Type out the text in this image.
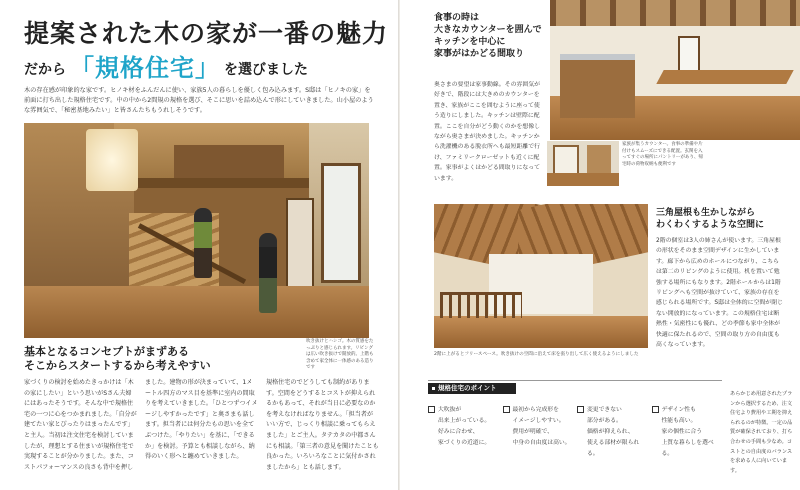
提案された木の家が一番の魅力
だから 「規格住宅」 を選びました

木の存在感が印象的な家です。ヒノキ材をふんだんに使い、家族5人の暮らしを優しく包み込みます。S邸は「ヒノキの家」を前面に打ち出した規格住宅です。中の中から2間規の規格を選び、そこに思いを詰め込んで形にしていきました。山小屋のような雰囲気で、「秘密基地みたい」と皆さんたちもうれしそうです。

吹き抜けとハシゴ。木の質感をたっぷりと感じられます。リビングは広い吹き抜けで開放的。上階も含めて家全体に一体感のある造りです

基本となるコンセプトがまずある
そこからスタートするから考えやすい

家づくりの検討を始めたきっかけは「木の家にしたい」という思いがSさん夫婦にはあったそうです。そんな中で規格住宅の一つに心をつかまれました。「自分が建てたい家とぴったりはまったんです」と主人。当初は注文住宅を検討していましたが、理想とする住まいが規格住宅で実現することが分かりました。また、コストパフォーマンスの良さも背中を押し

ました。建物の形が決まっていて、1メートル四方のマス目を基準に室内の間取りを考えていきました。「ひとつずつイメージしやすかったです」と奥さまも話します。担当者には何分たもの思いを全てぶつけた。「やりたい」を基に、「できるか」を検討。予算とも相談しながら、納得のいく形へと纏めていきました。

規格住宅のでどうしても制約があります。空間をどうするとコストが抑えられるかもあって、それが当日に必要なのかを考えなければなりません。「担当者がいい方で、じっくり相談に乗ってもらえました」とご主人。タテカタの中都さんにも相談。「第三者の意見を聞けたことも良かった。いろいろなことに気付かされましたから」とも話します。

食事の時は
大きなカウンターを囲んで
キッチンを中心に
家事がはかどる間取り

奥さまの要望は家事動線。その雰囲気が好きで、階段には大きめのカウンターを置き、家族がここを囲むように座って使う造りにしました。キッチンは壁際に配置。ここを自分がどう動くのかを想像しながら奥さまが決めました。キッチンから洗濯機のある脱衣所へも最短距離で行け、ファミリークローゼットも近くに配置。家事がよくはかどる間取りになっています。

家族が集うカウンター。食事の準備や片付けもスムーズにできる配置。玄関を入ってすぐの場所にパントリーがあり、帰宅時の荷物収納も便利です

2階に上がるとフリースペース。吹き抜けの空間に沿えて床を張り出して広く使えるようにしました

三角屋根も生かしながら
わくわくするような空間に

2階の個室は3人の姉さんが使います。三角屋根の形状をそのまま空間デザインに生かしています。廊下から広めのホールにつながり、こちらは第二のリビングのように使用。机を置いて勉強する場所にもなります。2階ホールからは1階リビングへも空間が抜けていて、家族の存在を感じられる場所です。S邸は全体的に空間が閉じない開放的になっています。この規格住宅は断熱性・気密性にも優れ、どの季節も家中全体が快適に保たれるので、空間の取り方の自由度も高くなっています。

規格住宅のポイント
大吹抜が
出来上がっている。
好みに合わせ、
家づくりの近道に。
最初から完成形を
イメージしやすい。
費用が明確で、
中身の自由度は高い。
変更できない
部分がある。
価格が抑えられ、
使える部材が限られる。
デザイン性も
性能も高い。
家の個性に合う
上質な暮らしを選べる。

あらかじめ用意されたプランから選択するため、注文住宅より費用や工期を抑えられるのが特徴。一定の品質が確保されており、打ち合わせの手間も少なめ。コストとの自由度のバランスを求める人に向いています。
